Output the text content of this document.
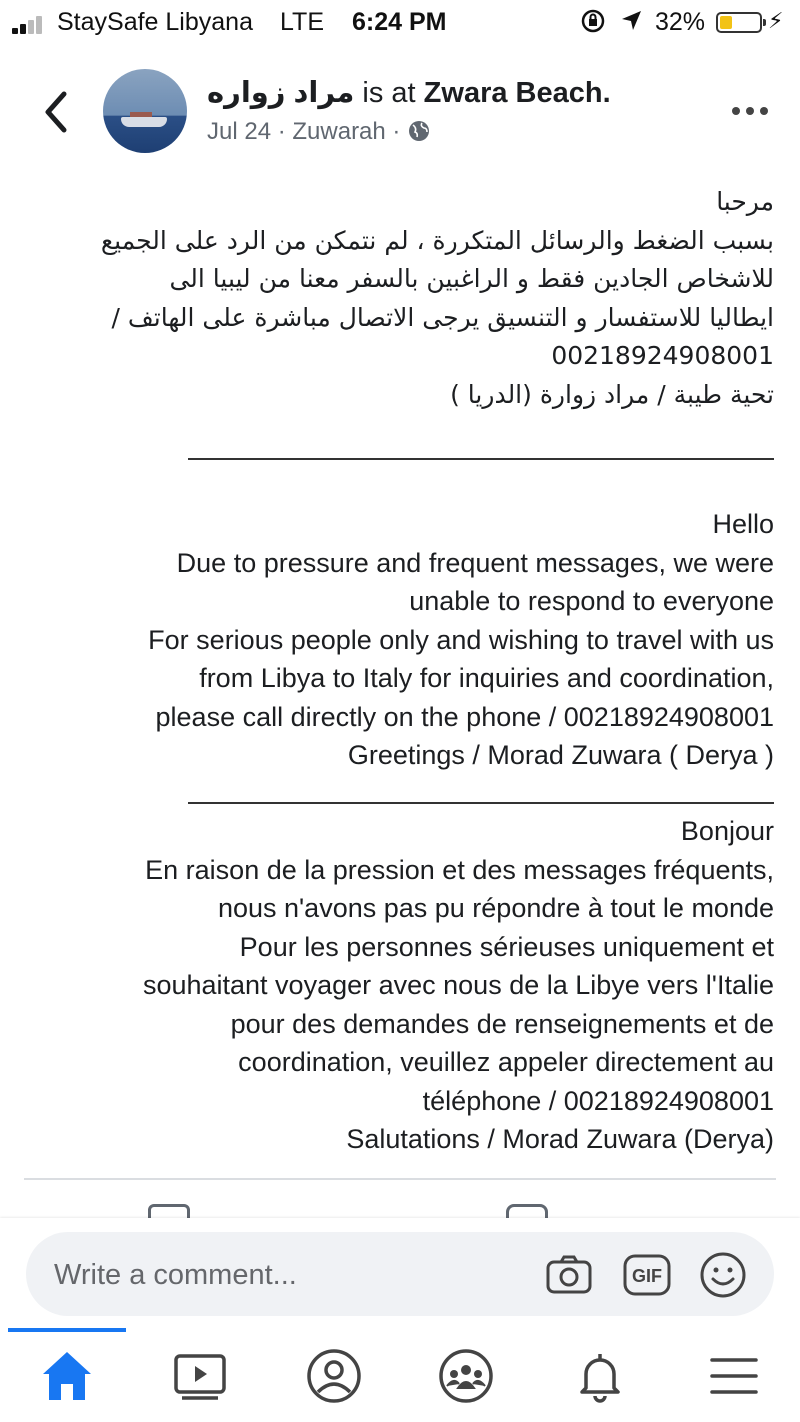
StaySafe Libyana LTE 6:24 PM
	32%	⚡
مراد زواره is at Zwara Beach.
Jul 24 · Zuwarah ·
مرحبا
بسبب الضغط والرسائل المتكررة ، لم نتمكن من الرد على الجميع
للاشخاص الجادين فقط و الراغبين بالسفر معنا من ليبيا الى
ايطاليا للاستفسار و التنسيق يرجى الاتصال مباشرة على الهاتف /
00218924908001
تحية طيبة / مراد زوارة (الدريا )
Hello
Due to pressure and frequent messages, we were
unable to respond to everyone
For serious people only and wishing to travel with us
from Libya to Italy for inquiries and coordination,
please call directly on the phone / 00218924908001
Greetings / Morad Zuwara ( Derya )
Bonjour
En raison de la pression et des messages fréquents,
nous n'avons pas pu répondre à tout le monde
Pour les personnes sérieuses uniquement et
souhaitant voyager avec nous de la Libye vers l'Italie
pour des demandes de renseignements et de
coordination, veuillez appeler directement au
téléphone / 00218924908001
Salutations / Morad Zuwara (Derya)
Write a comment...
GIF
